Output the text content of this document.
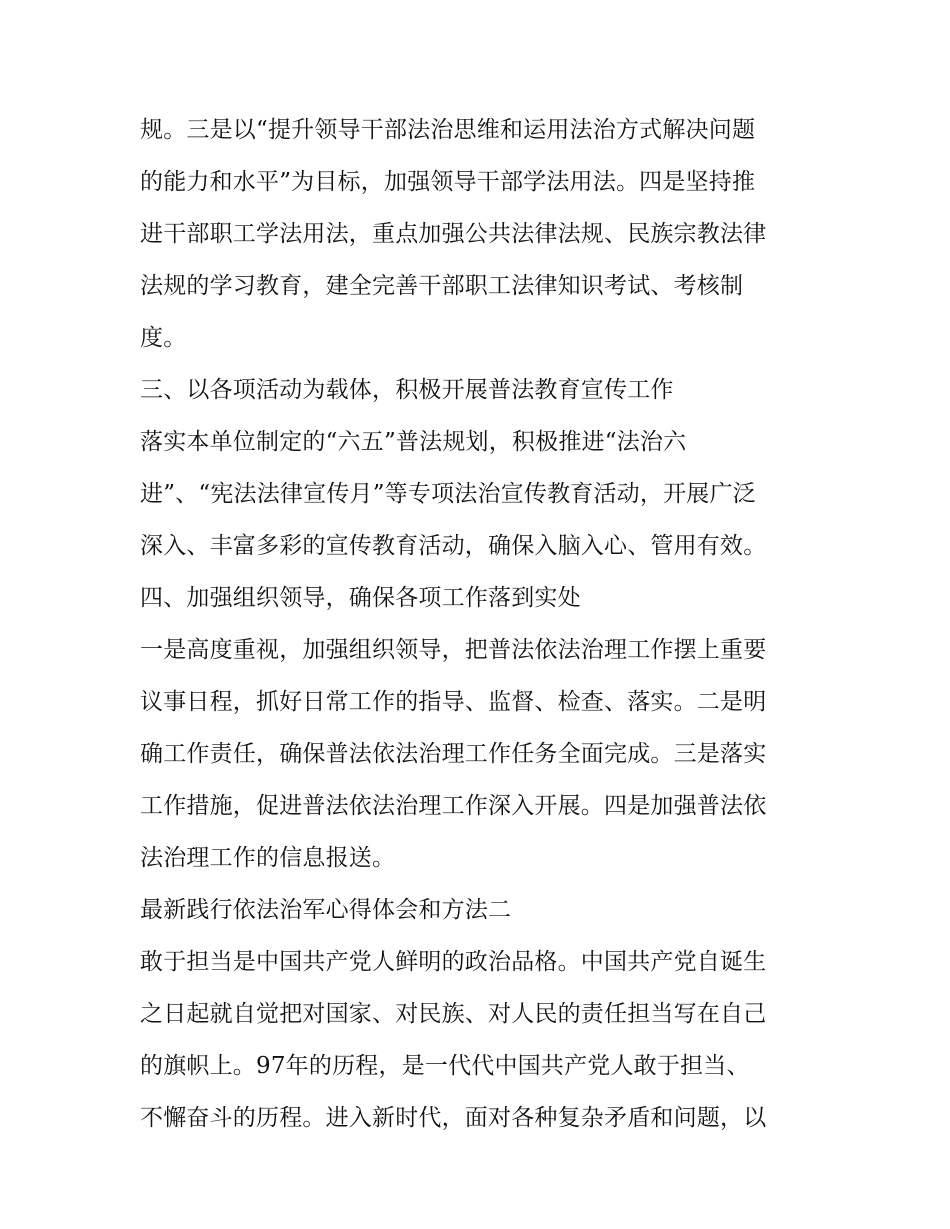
规。三是以“提升领导干部法治思维和运用法治方式解决问题
的能力和水平”为目标，加强领导干部学法用法。四是坚持推
进干部职工学法用法，重点加强公共法律法规、民族宗教法律
法规的学习教育，建全完善干部职工法律知识考试、考核制
度。
三、以各项活动为载体，积极开展普法教育宣传工作
落实本单位制定的“六五”普法规划，积极推进“法治六
进”、“宪法法律宣传月”等专项法治宣传教育活动，开展广泛
深入、丰富多彩的宣传教育活动，确保入脑入心、管用有效。
四、加强组织领导，确保各项工作落到实处
一是高度重视，加强组织领导，把普法依法治理工作摆上重要
议事日程，抓好日常工作的指导、监督、检查、落实。二是明
确工作责任，确保普法依法治理工作任务全面完成。三是落实
工作措施，促进普法依法治理工作深入开展。四是加强普法依
法治理工作的信息报送。
最新践行依法治军心得体会和方法二
敢于担当是中国共产党人鲜明的政治品格。中国共产党自诞生
之日起就自觉把对国家、对民族、对人民的责任担当写在自己
的旗帜上。97年的历程，是一代代中国共产党人敢于担当、
不懈奋斗的历程。进入新时代，面对各种复杂矛盾和问题，以
